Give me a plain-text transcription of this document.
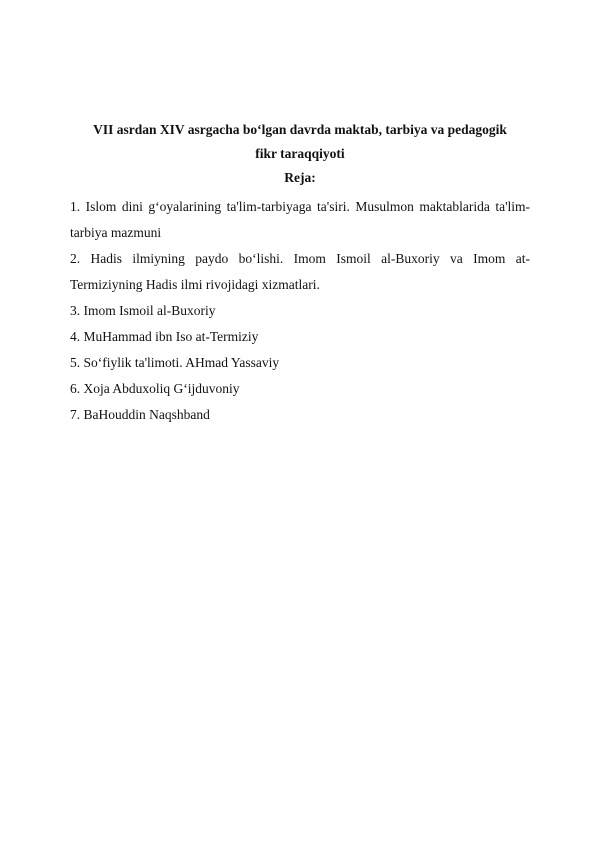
VII asrdan XIV asrgacha bo‘lgan davrda maktab, tarbiya va pedagogik
fikr taraqqiyoti
Reja:
1. Islom dini g‘oyalarining ta'lim-tarbiyaga ta'siri. Musulmon maktablarida ta'lim-tarbiya mazmuni
2. Hadis ilmiyning paydo bo‘lishi. Imom Ismoil al-Buxoriy va Imom at-Termiziyning Hadis ilmi rivojidagi xizmatlari.
3. Imom Ismoil al-Buxoriy
4. MuHammad ibn Iso at-Termiziy
5. So‘fiylik ta'limoti. AHmad Yassaviy
6. Xoja Abduxoliq G‘ijduvoniy
7. BaHouddin Naqshband
